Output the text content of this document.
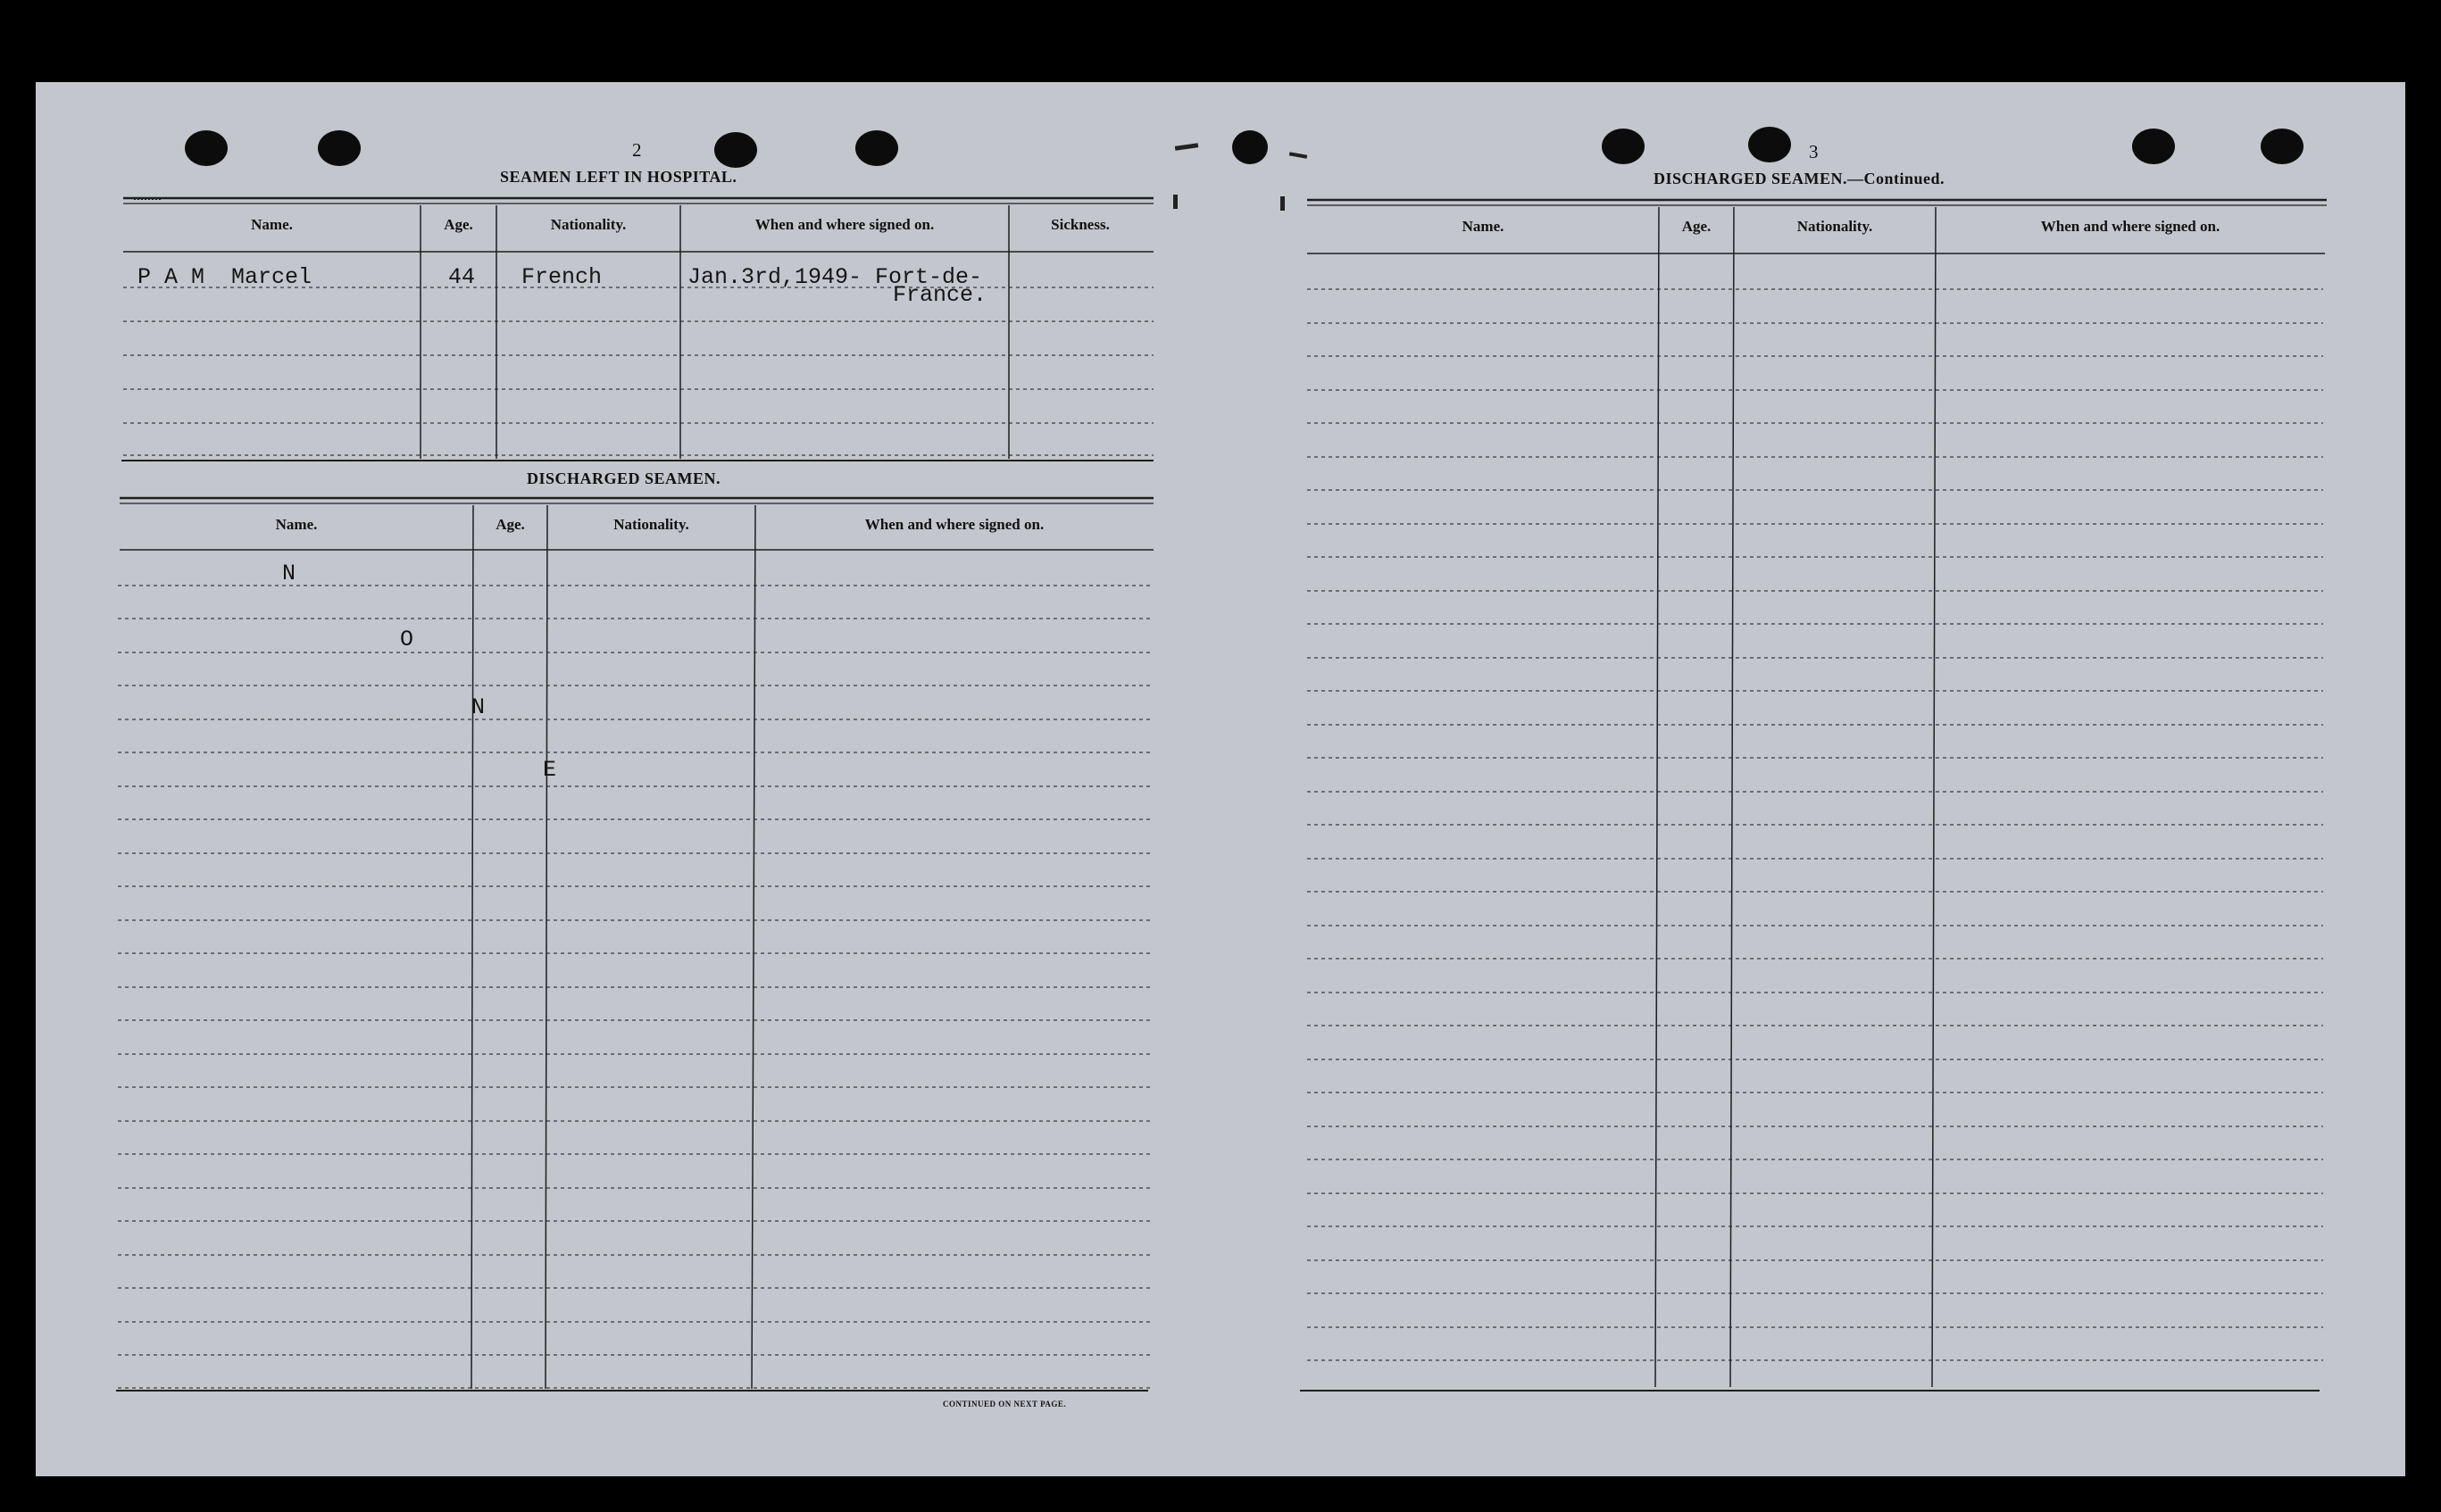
2
SEAMEN LEFT IN HOSPITAL.
Name.	Age.	Nationality.	When and where signed on.	Sickness.
P A M  Marcel	44 French	Jan.3rd,1949- Fort-de-
France.
DISCHARGED SEAMEN.
Name.	Age.	Nationality.	When and where signed on.
N
O
N
E
CONTINUED ON NEXT PAGE.
3
DISCHARGED SEAMEN.—Continued.
Name.	Age.	Nationality.	When and where signed on.
